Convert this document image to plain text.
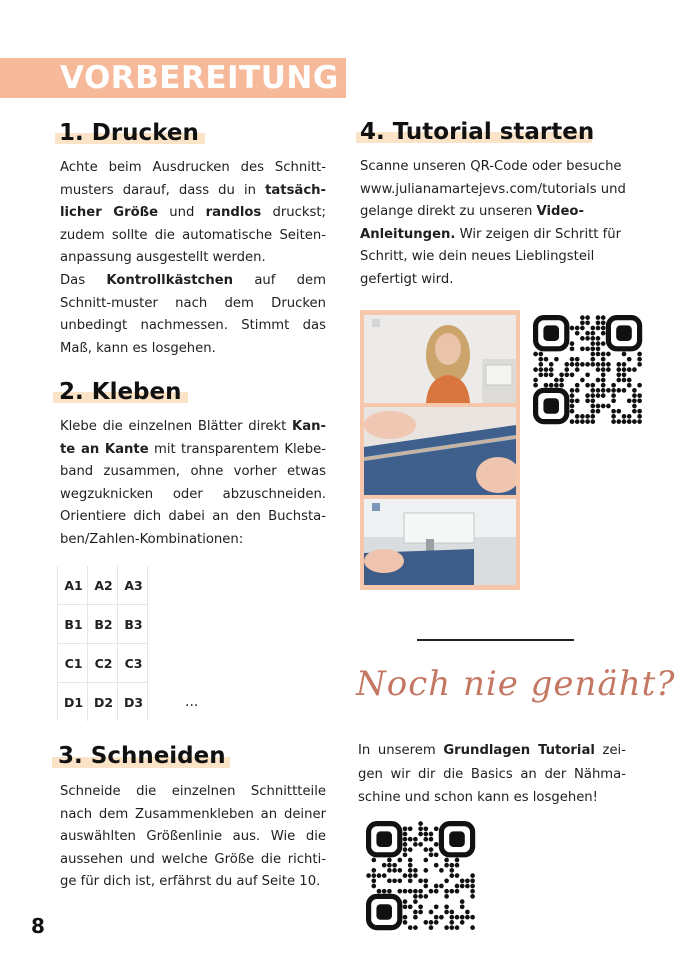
VORBEREITUNG
1. Drucken

Achte beim Ausdrucken des Schnitt-musters darauf, dass du in tatsäch-licher Größe und randlos druckst; zudem sollte die automatische Seiten-anpassung ausgestellt werden.

Das Kontrollkästchen auf dem Schnitt-muster nach dem Drucken unbedingt nachmessen. Stimmt das Maß, kann es losgehen.

2. Kleben

Klebe die einzelnen Blätter direkt Kan-te an Kante mit transparentem Klebe-band zusammen, ohne vorher etwas wegzuknicken oder abzuschneiden. Orientiere dich dabei an den Buchsta-ben/Zahlen-Kombinationen:

A1	A2	A3
B1	B2	B3
C1	C2	C3
D1	D2	D3	...
3. Schneiden

Schneide die einzelnen Schnittteile nach dem Zusammenkleben an deiner auswählten Größenlinie aus. Wie die aussehen und welche Größe die richti-ge für dich ist, erfährst du auf Seite 10.

4. Tutorial starten

Scanne unseren QR-Code oder besuche www.julianamartejevs.com/tutorials und gelange direkt zu unseren Video-Anleitungen. Wir zeigen dir Schritt für Schritt, wie dein neues Lieblingsteil gefertigt wird.

Noch nie genäht?

In unserem Grundlagen Tutorial zei-gen wir dir die Basics an der Nähma-schine und schon kann es losgehen!

8
